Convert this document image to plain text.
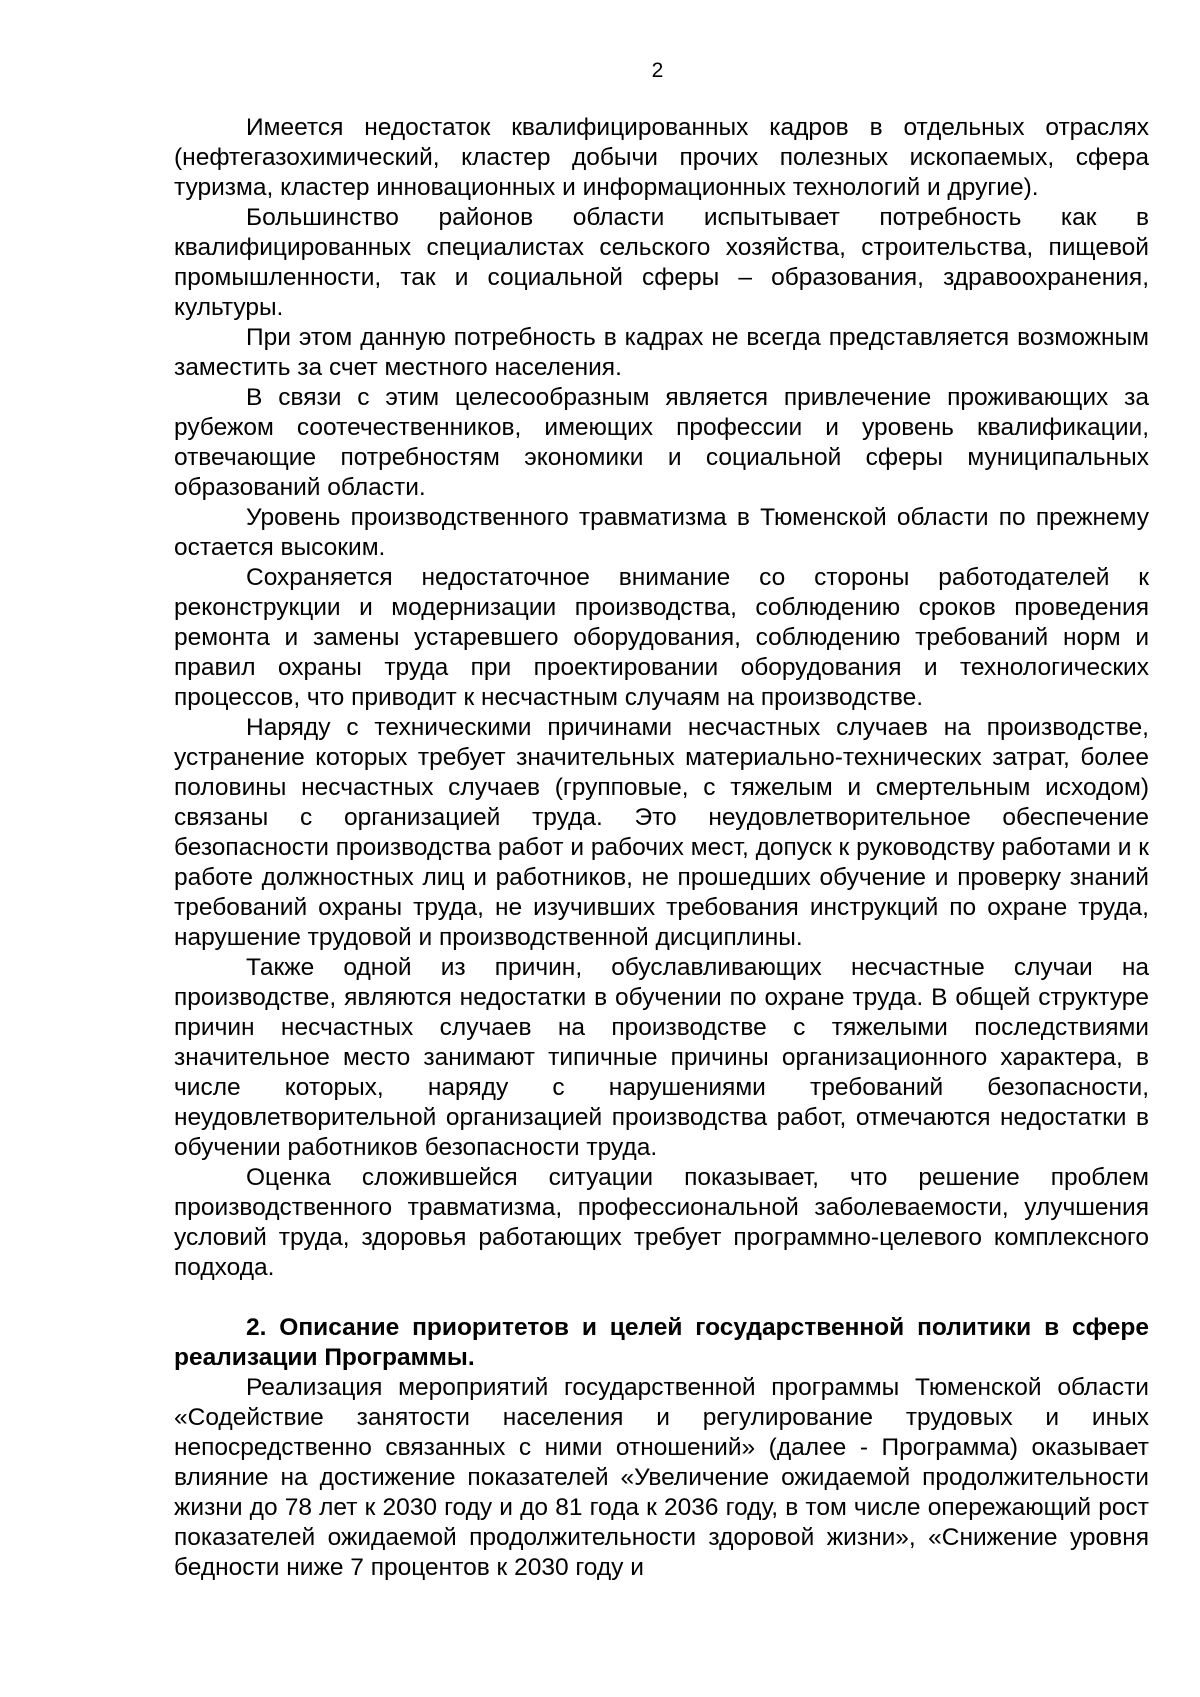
2

Имеется недостаток квалифицированных кадров в отдельных отраслях (нефтегазохимический, кластер добычи прочих полезных ископаемых, сфера туризма, кластер инновационных и информационных технологий и другие).

Большинство районов области испытывает потребность как в квалифицированных специалистах сельского хозяйства, строительства, пищевой промышленности, так и социальной сферы – образования, здравоохранения, культуры.

При этом данную потребность в кадрах не всегда представляется возможным заместить за счет местного населения.

В связи с этим целесообразным является привлечение проживающих за рубежом соотечественников, имеющих профессии и уровень квалификации, отвечающие потребностям экономики и социальной сферы муниципальных образований области.

Уровень производственного травматизма в Тюменской области по прежнему остается высоким.

Сохраняется недостаточное внимание со стороны работодателей к реконструкции и модернизации производства, соблюдению сроков проведения ремонта и замены устаревшего оборудования, соблюдению требований норм и правил охраны труда при проектировании оборудования и технологических процессов, что приводит к несчастным случаям на производстве.

Наряду с техническими причинами несчастных случаев на производстве, устранение которых требует значительных материально-технических затрат, более половины несчастных случаев (групповые, с тяжелым и смертельным исходом) связаны с организацией труда. Это неудовлетворительное обеспечение безопасности производства работ и рабочих мест, допуск к руководству работами и к работе должностных лиц и работников, не прошедших обучение и проверку знаний требований охраны труда, не изучивших требования инструкций по охране труда, нарушение трудовой и производственной дисциплины.

Также одной из причин, обуславливающих несчастные случаи на производстве, являются недостатки в обучении по охране труда. В общей структуре причин несчастных случаев на производстве с тяжелыми последствиями значительное место занимают типичные причины организационного характера, в числе которых, наряду с нарушениями требований безопасности, неудовлетворительной организацией производства работ, отмечаются недостатки в обучении работников безопасности труда.

Оценка сложившейся ситуации показывает, что решение проблем производственного травматизма, профессиональной заболеваемости, улучшения условий труда, здоровья работающих требует программно-целевого комплексного подхода.

2. Описание приоритетов и целей государственной политики в сфере реализации Программы.

Реализация мероприятий государственной программы Тюменской области «Содействие занятости населения и регулирование трудовых и иных непосредственно связанных с ними отношений» (далее - Программа) оказывает влияние на достижение показателей «Увеличение ожидаемой продолжительности жизни до 78 лет к 2030 году и до 81 года к 2036 году, в том числе опережающий рост показателей ожидаемой продолжительности здоровой жизни», «Снижение уровня бедности ниже 7 процентов к 2030 году и
